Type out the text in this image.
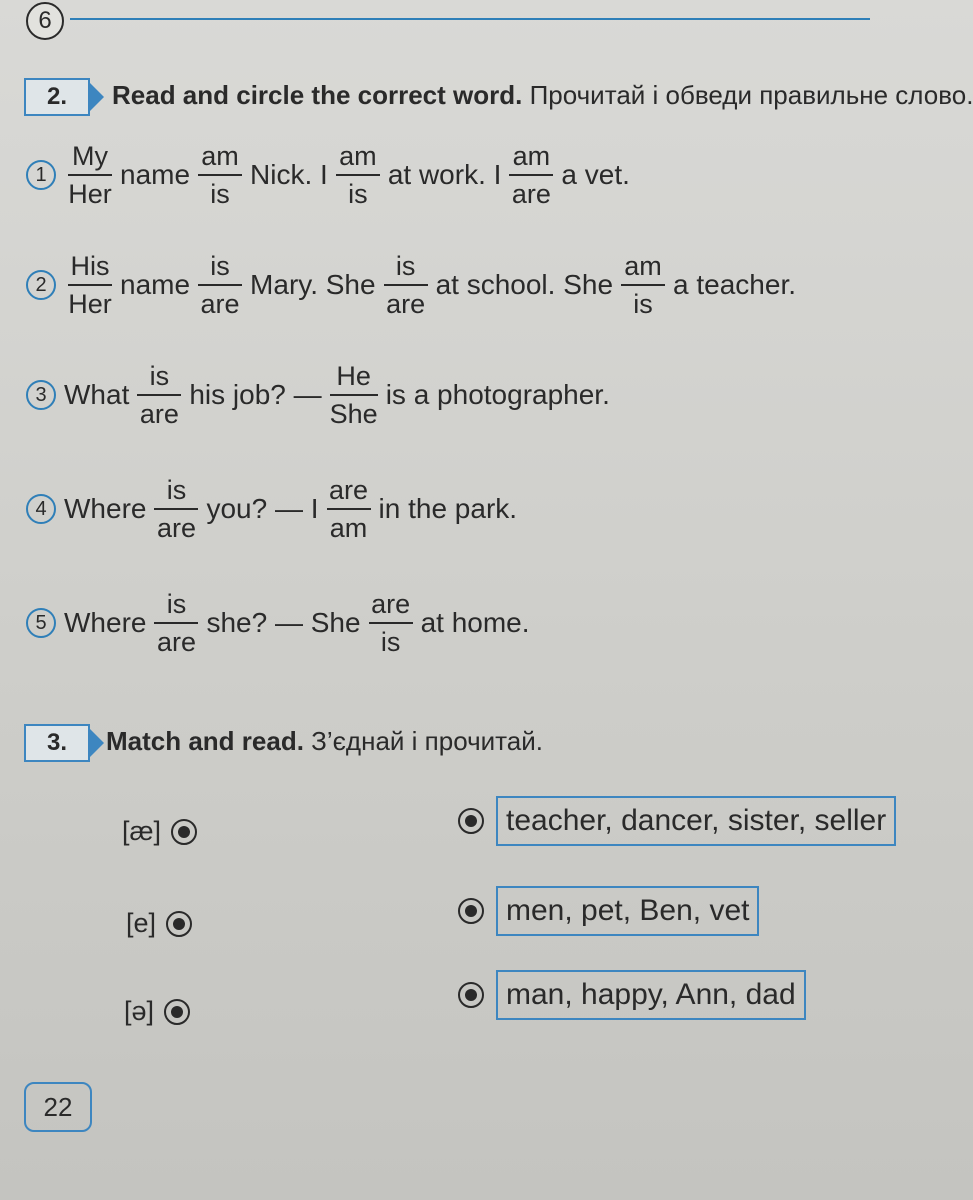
6
2.	Read and circle the correct word. Прочитай і обведи правильне слово.
$1 \frac{My}{\text{Her}}$ name $\frac{am}{is}$ Nick. I $\frac{am}{is}$ at work. I $\frac{am}{\text{are}}$ a vet.
$2 \frac{\text{His}}{\text{Her}}$ name $\frac{is}{\text{are}}$ Mary. She $\frac{is}{\text{are}}$ at school. She $\frac{am}{is}$ a teacher.
3 What $\frac{is}{\text{are}}$ his job? — $\frac{He}{\text{She}}$ is a photographer.
4 Where $\frac{is}{\text{are}}$ you? — I $\frac{\text{are}}{am}$ in the park.
5 Where $\frac{is}{\text{are}}$ she? — She $\frac{\text{are}}{is}$ at home.
3.	Match and read. З’єднай і прочитай.
[æ]
[e]
[ə]
teacher, dancer, sister, seller
men, pet, Ben, vet
man, happy, Ann, dad
22
